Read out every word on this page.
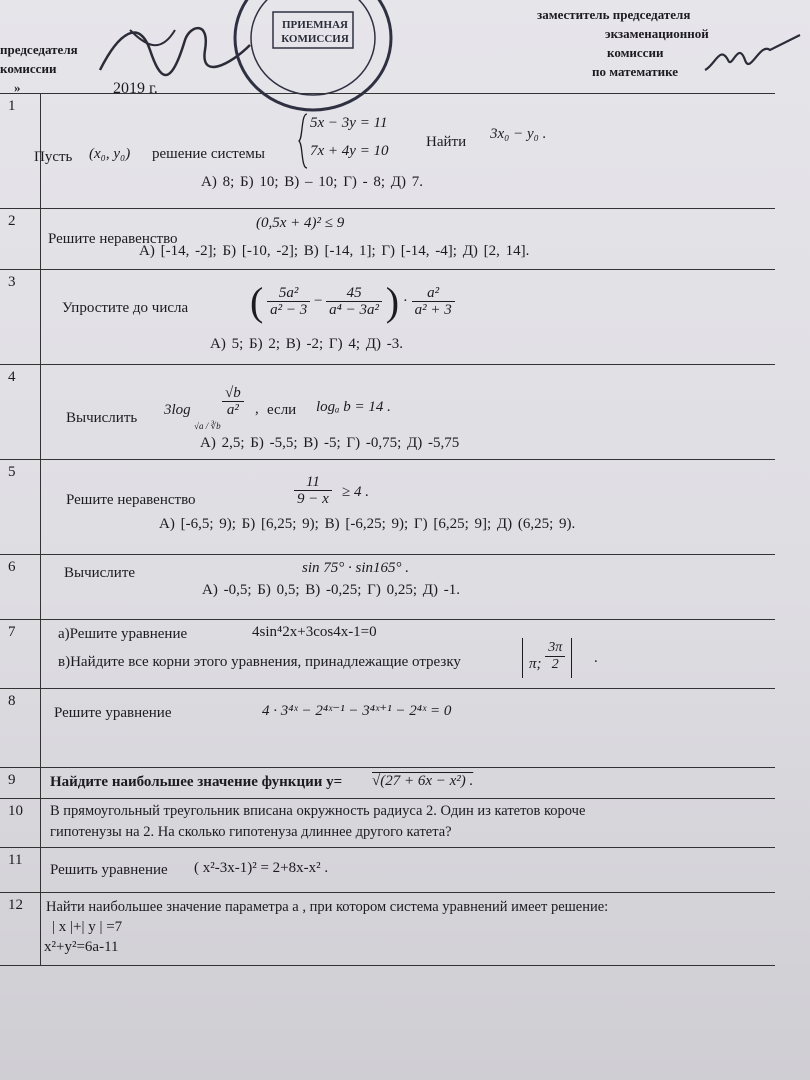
председателя
комиссии
»	2019 г.
ПРИЕМНАЯ
КОМИССИЯ
заместитель председателя
экзаменационной
комиссии
по математике
1
Пусть (x₀, y₀) решение системы
5x − 3y = 11
7x + 4y = 10
Найти 3x₀ − y₀ .
А) 8; Б) 10; В) – 10; Г) - 8; Д) 7.
2
Решите неравенство
(0,5x + 4)² ≤ 9
А) [-14, -2]; Б) [-10, -2]; В) [-14, 1]; Г) [-14, -4]; Д) [2, 14].
3
Упростите до числа ( $\frac{\text{5a²}}{\text{a² − 3}} - \frac{45}{\text{a⁴ − 3a²}}$ ) · $\frac{\text{a²}}{\text{a² + 3}}$
А) 5; Б) 2; В) -2; Г) 4; Д) -3.
4
Вычислить 3log
√a / ∛b
$\frac{√b}{\text{a²}}$ , если logₐ b = 14 .
А) 2,5; Б) -5,5; В) -5; Г) -0,75; Д) -5,75
5
Решите неравенство	$\frac{11}{9 - x} \ge 4$ .
А) [-6,5; 9); Б) [6,25; 9); В) [-6,25; 9); Г) [6,25; 9]; Д) (6,25; 9).
6	Вычислите	sin 75° · sin165° .
А) -0,5; Б) 0,5; В) -0,25; Г) 0,25; Д) -1.
7	а)Решите уравнение	4sin⁴2x+3cos4x-1=0
в)Найдите все корни этого уравнения, принадлежащие отрезку	π; $\frac{3\pi}{2}$ .
8
Решите уравнение	4 · 3⁴ˣ − 2⁴ˣ⁻¹ − 3⁴ˣ⁺¹ − 2⁴ˣ = 0
9 Найдите наибольшее значение функции у= √(27 + 6x − x²) .
10 В прямоугольный треугольник вписана окружность радиуса 2. Один из катетов короче
гипотенузы на 2. На сколько гипотенуза длиннее другого катета?
11
Решить уравнение ( x²-3x-1)² = 2+8x-x² .
12 Найти наибольшее значение параметра а , при котором система уравнений имеет решение:
| x |+| y | =7
x²+y²=6a-11
